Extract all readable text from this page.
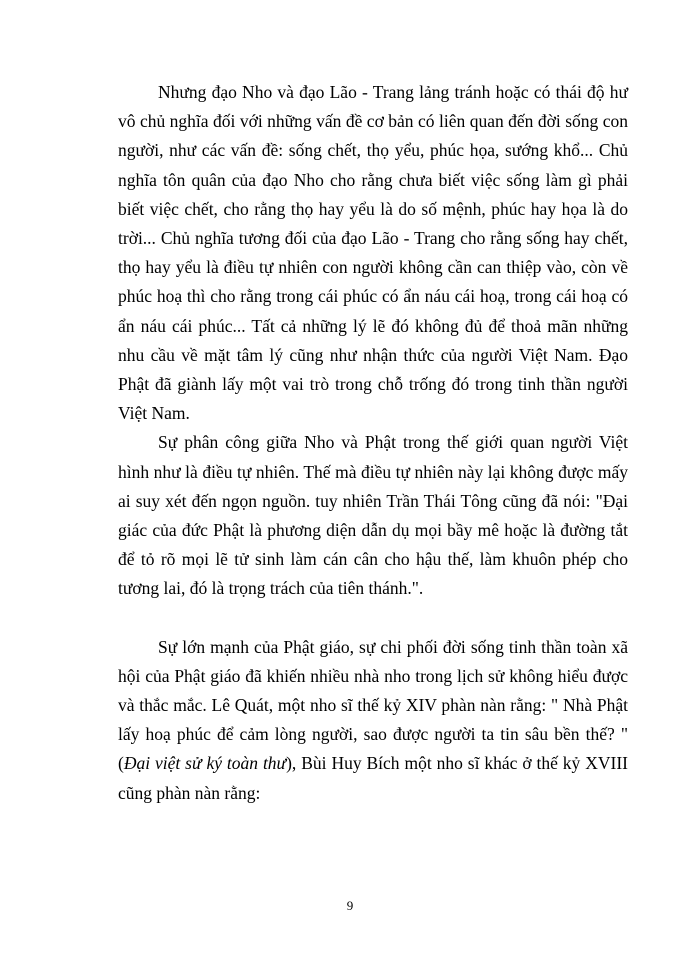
Nhưng đạo Nho và đạo Lão - Trang lảng tránh hoặc có thái độ hư vô chủ nghĩa đối với những vấn đề cơ bản có liên quan đến đời sống con người, như các vấn đề: sống chết, thọ yểu, phúc họa, sướng khổ... Chủ nghĩa tôn quân của đạo Nho cho rằng chưa biết việc sống làm gì phải biết việc chết, cho rằng thọ hay yểu là do số mệnh, phúc hay họa là do trời... Chủ nghĩa tương đối của đạo Lão - Trang cho rằng sống hay chết, thọ hay yểu là điều tự nhiên con người không cần can thiệp vào, còn về phúc hoạ thì cho rằng trong cái phúc có ẩn náu cái hoạ, trong cái hoạ có ẩn náu cái phúc... Tất cả những lý lẽ đó không đủ để thoả mãn những nhu cầu về mặt tâm lý cũng như nhận thức của người Việt Nam. Đạo Phật đã giành lấy một vai trò trong chỗ trống đó trong tinh thần người Việt Nam.

Sự phân công giữa Nho và Phật trong thế giới quan người Việt hình như là điều tự nhiên. Thế mà điều tự nhiên này lại không được mấy ai suy xét đến ngọn nguồn. tuy nhiên Trần Thái Tông cũng đã nói: "Đại giác của đức Phật là phương diện dẫn dụ mọi bầy mê hoặc là đường tắt để tỏ rõ mọi lẽ tử sinh làm cán cân cho hậu thế, làm khuôn phép cho tương lai, đó là trọng trách của tiên thánh.".

Sự lớn mạnh của Phật giáo, sự chi phối đời sống tinh thần toàn xã hội của Phật giáo đã khiến nhiều nhà nho trong lịch sử không hiểu được và thắc mắc. Lê Quát, một nho sĩ thế kỷ XIV phàn nàn rằng: " Nhà Phật lấy hoạ phúc để cảm lòng người, sao được người ta tin sâu bền thế? " (Đại việt sử ký toàn thư), Bùi Huy Bích một nho sĩ khác ở thế kỷ XVIII cũng phàn nàn rằng:

9
